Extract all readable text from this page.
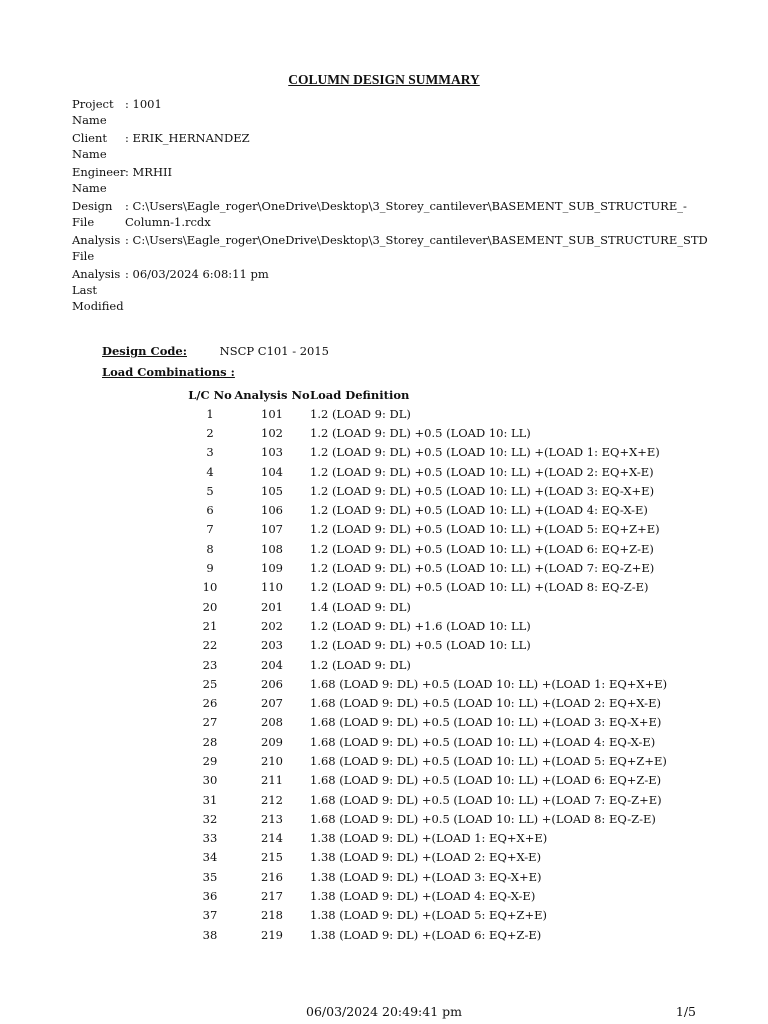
COLUMN DESIGN SUMMARY
Project Name
: 1001
Client Name
: ERIK_HERNANDEZ
Engineer Name
: MRHII
Design File
: C:\Users\Eagle_roger\OneDrive\Desktop\3_Storey_cantilever\BASEMENT_SUB_STRUCTURE_-Column-1.rcdx
Analysis File
: C:\Users\Eagle_roger\OneDrive\Desktop\3_Storey_cantilever\BASEMENT_SUB_STRUCTURE_STD
Analysis Last Modified
: 06/03/2024 6:08:11 pm
Design Code:	NSCP C101 - 2015
Load Combinations :
L/C No	Analysis No	Load Definition
1	101	1.2 (LOAD 9: DL)
2	102	1.2 (LOAD 9: DL) +0.5 (LOAD 10: LL)
3	103	1.2 (LOAD 9: DL) +0.5 (LOAD 10: LL) +(LOAD 1: EQ+X+E)
4	104	1.2 (LOAD 9: DL) +0.5 (LOAD 10: LL) +(LOAD 2: EQ+X-E)
5	105	1.2 (LOAD 9: DL) +0.5 (LOAD 10: LL) +(LOAD 3: EQ-X+E)
6	106	1.2 (LOAD 9: DL) +0.5 (LOAD 10: LL) +(LOAD 4: EQ-X-E)
7	107	1.2 (LOAD 9: DL) +0.5 (LOAD 10: LL) +(LOAD 5: EQ+Z+E)
8	108	1.2 (LOAD 9: DL) +0.5 (LOAD 10: LL) +(LOAD 6: EQ+Z-E)
9	109	1.2 (LOAD 9: DL) +0.5 (LOAD 10: LL) +(LOAD 7: EQ-Z+E)
10	110	1.2 (LOAD 9: DL) +0.5 (LOAD 10: LL) +(LOAD 8: EQ-Z-E)
20	201	1.4 (LOAD 9: DL)
21	202	1.2 (LOAD 9: DL) +1.6 (LOAD 10: LL)
22	203	1.2 (LOAD 9: DL) +0.5 (LOAD 10: LL)
23	204	1.2 (LOAD 9: DL)
25	206	1.68 (LOAD 9: DL) +0.5 (LOAD 10: LL) +(LOAD 1: EQ+X+E)
26	207	1.68 (LOAD 9: DL) +0.5 (LOAD 10: LL) +(LOAD 2: EQ+X-E)
27	208	1.68 (LOAD 9: DL) +0.5 (LOAD 10: LL) +(LOAD 3: EQ-X+E)
28	209	1.68 (LOAD 9: DL) +0.5 (LOAD 10: LL) +(LOAD 4: EQ-X-E)
29	210	1.68 (LOAD 9: DL) +0.5 (LOAD 10: LL) +(LOAD 5: EQ+Z+E)
30	211	1.68 (LOAD 9: DL) +0.5 (LOAD 10: LL) +(LOAD 6: EQ+Z-E)
31	212	1.68 (LOAD 9: DL) +0.5 (LOAD 10: LL) +(LOAD 7: EQ-Z+E)
32	213	1.68 (LOAD 9: DL) +0.5 (LOAD 10: LL) +(LOAD 8: EQ-Z-E)
33	214	1.38 (LOAD 9: DL) +(LOAD 1: EQ+X+E)
34	215	1.38 (LOAD 9: DL) +(LOAD 2: EQ+X-E)
35	216	1.38 (LOAD 9: DL) +(LOAD 3: EQ-X+E)
36	217	1.38 (LOAD 9: DL) +(LOAD 4: EQ-X-E)
37	218	1.38 (LOAD 9: DL) +(LOAD 5: EQ+Z+E)
38	219	1.38 (LOAD 9: DL) +(LOAD 6: EQ+Z-E)
06/03/2024 20:49:41 pm	1/5
